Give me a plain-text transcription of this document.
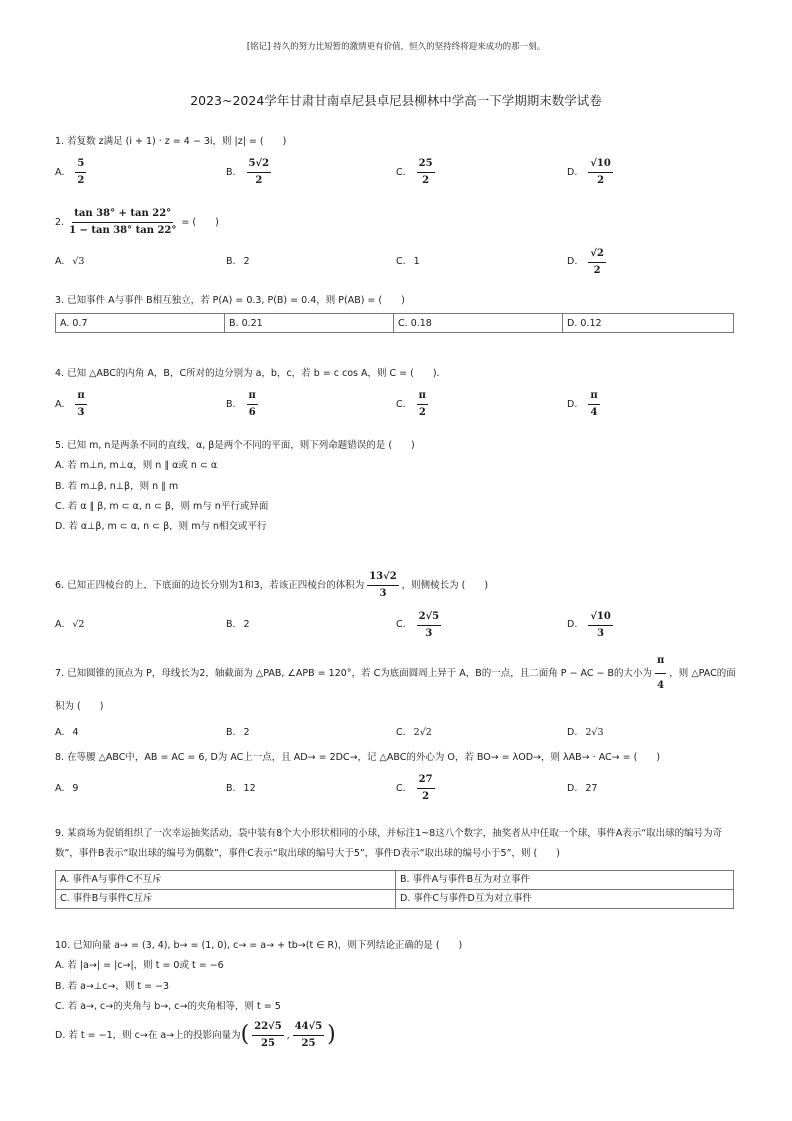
[铭记] 持久的努力比短暂的激情更有价值，恒久的坚持终将迎来成功的那一刻。
2023~2024学年甘肃甘南卓尼县卓尼县柳林中学高一下学期期末数学试卷
1. 若复数 z满足 (i + 1) · z = 4 − 3i，则 |z| = (　　)
A. $\frac{5}{2}$	B. $\frac{5√2}{2}$	C. $\frac{25}{2}$	D. $\frac{√10}{2}$
2. $\frac{\tan 38^\circ + \tan 22^\circ}{1 - \tan 38^\circ \tan 22^\circ}$ = (　　)
A. √3	B. 2	C. 1	D. $\frac{√2}{2}$
3. 已知事件 A与事件 B相互独立，若 P(A) = 0.3, P(B) = 0.4，则 P(AB) = (　　)
A. 0.7	B. 0.21	C. 0.18	D. 0.12
4. 已知 △ABC的内角 A，B，C所对的边分别为 a，b，c，若 b = c cos A，则 C = (　　)．
A. $\frac{\pi}{3}$	B. $\frac{\pi}{6}$	C. $\frac{\pi}{2}$	D. $\frac{\pi}{4}$
5. 已知 m, n是两条不同的直线，α, β是两个不同的平面，则下列命题错误的是 (　　)
A. 若 m⊥n, m⊥α，则 n ∥ α或 n ⊂ α
B. 若 m⊥β, n⊥β，则 n ∥ m
C. 若 α ∥ β, m ⊂ α, n ⊂ β，则 m与 n平行或异面
D. 若 α⊥β, m ⊂ α, n ⊂ β，则 m与 n相交或平行
6. 已知正四棱台的上、下底面的边长分别为1和3，若该正四棱台的体积为 $\frac{13√2}{3}$ ，则侧棱长为 (　　)
A. √2	B. 2	C. $\frac{2√5}{3}$	D. $\frac{√10}{3}$
7. 已知圆锥的顶点为 P，母线长为2，轴截面为 △PAB, ∠APB = 120°，若 C为底面圆周上异于 A，B的一点，且二面角 P − AC − B的大小为 $\frac{\pi}{4}$ ，则 △PAC的面积为 (　　)
A. 4	B. 2	C. 2√2	D. 2√3
8. 在等腰 △ABC中，AB = AC = 6, D为 AC上一点，且 AD→ = 2DC→，记 △ABC的外心为 O，若 BO→ = λOD→，则 λAB→ · AC→ = (　　)
A. 9	B. 12	C. $\frac{27}{2}$	D. 27
9. 某商场为促销组织了一次幸运抽奖活动，袋中装有8个大小形状相同的小球，并标注1~8这八个数字，抽奖者从中任取一个球，事件A表示“取出球的编号为奇数”，事件B表示“取出球的编号为偶数”，事件C表示“取出球的编号大于5”，事件D表示“取出球的编号小于5”，则 (　　)
A. 事件A与事件C不互斥	B. 事件A与事件B互为对立事件
C. 事件B与事件C互斥	D. 事件C与事件D互为对立事件
10. 已知向量 a→ = (3, 4), b→ = (1, 0), c→ = a→ + tb→(t ∈ R)，则下列结论正确的是 (　　)
A. 若 |a→| = |c→|，则 t = 0或 t = −6
B. 若 a→⊥c→，则 t = −3
C. 若 a→, c→的夹角与 b→, c→的夹角相等，则 t = 5
D.
若 t = −1，则 c→在 a→上的投影向量为 ( $\frac{22√5}{25}$ , $\frac{44√5}{25}$ )
